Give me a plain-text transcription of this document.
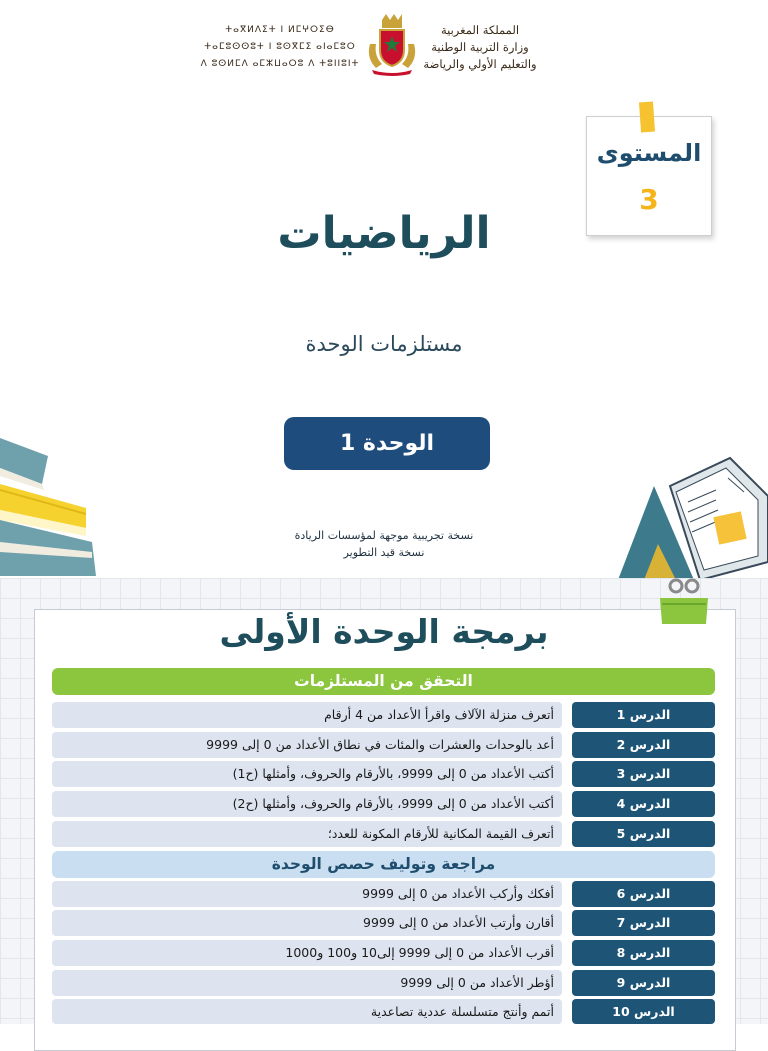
المملكة المغربية
وزارة التربية الوطنية
والتعليم الأولي والرياضة
ⵜⴰⴳⵍⴷⵉⵜ ⵏ ⵍⵎⵖⵔⵉⴱ
ⵜⴰⵎⵓⵙⵙⵓⵜ ⵏ ⵓⵙⴳⵎⵉ ⴰⵏⴰⵎⵓⵔ
ⴷ ⵓⵙⵍⵎⴷ ⴰⵎⵣⵡⴰⵔⵓ ⴷ ⵜⵓⵏⵏⵓⵏⵜ
المستوى
3
الرياضيات
مستلزمات الوحدة
الوحدة 1
نسخة تجريبية موجهة لمؤسسات الريادة
نسخة قيد التطوير
برمجة الوحدة الأولى
التحقق من المستلزمات
أتعرف منزلة الآلاف واقرأ الأعداد من 4 أرقام	الدرس 1
أعد بالوحدات والعشرات والمئات في نطاق الأعداد من 0 إلى 9999	الدرس 2
أكتب الأعداد من 0 إلى 9999، بالأرقام والحروف، وأمثلها (ح1)	الدرس 3
أكتب الأعداد من 0 إلى 9999، بالأرقام والحروف، وأمثلها (ح2)	الدرس 4
أتعرف القيمة المكانية للأرقام المكونة للعدد؛	الدرس 5
مراجعة وتوليف حصص الوحدة
أفكك وأركب الأعداد من 0 إلى 9999	الدرس 6
أقارن وأرتب الأعداد من 0 إلى 9999	الدرس 7
أقرب الأعداد من 0 إلى 9999 إلى10 و100 و1000	الدرس 8
أؤطر الأعداد من 0 إلى 9999	الدرس 9
أتمم وأنتج متسلسلة عددية تصاعدية	الدرس 10
